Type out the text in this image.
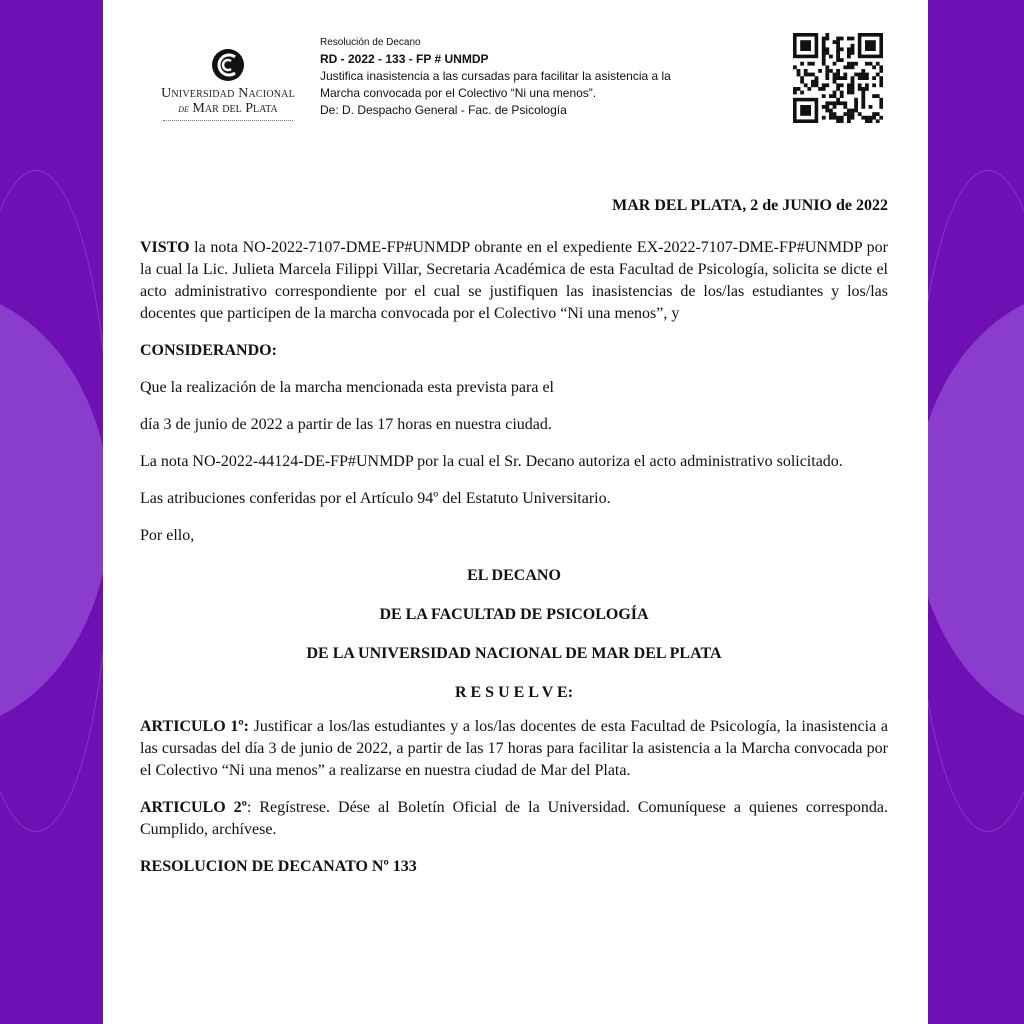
Universidad Nacional
de Mar del Plata
Resolución de Decano
RD - 2022 - 133 - FP # UNMDP
Justifica inasistencia a las cursadas para facilitar la asistencia a la
Marcha convocada por el Colectivo “Ni una menos”.
De: D. Despacho General - Fac. de Psicología
MAR DEL PLATA, 2 de JUNIO de 2022

VISTO la nota NO-2022-7107-DME-FP#UNMDP obrante en el expediente EX-2022-7107-DME-FP#UNMDP por la cual la Lic. Julieta Marcela Filippi Villar, Secretaria Académica de esta Facultad de Psicología, solicita se dicte el acto administrativo correspondiente por el cual se justifiquen las inasistencias de los/las estudiantes y los/las docentes que participen de la marcha convocada por el Colectivo “Ni una menos”, y

CONSIDERANDO:

Que la realización de la marcha mencionada esta prevista para el

día 3 de junio de 2022 a partir de las 17 horas en nuestra ciudad.

La nota NO-2022-44124-DE-FP#UNMDP por la cual el Sr. Decano autoriza el acto administrativo solicitado.

Las atribuciones conferidas por el Artículo 94º del Estatuto Universitario.

Por ello,

EL DECANO
DE LA FACULTAD DE PSICOLOGÍA
DE LA UNIVERSIDAD NACIONAL DE MAR DEL PLATA
R E S U E L V E:

ARTICULO 1º: Justificar a los/las estudiantes y a los/las docentes de esta Facultad de Psicología, la inasistencia a las cursadas del día 3 de junio de 2022, a partir de las 17 horas para facilitar la asistencia a la Marcha convocada por el Colectivo “Ni una menos” a realizarse en nuestra ciudad de Mar del Plata.

ARTICULO 2º: Regístrese. Dése al Boletín Oficial de la Universidad. Comuníquese a quienes corresponda. Cumplido, archívese.

RESOLUCION DE DECANATO Nº 133
